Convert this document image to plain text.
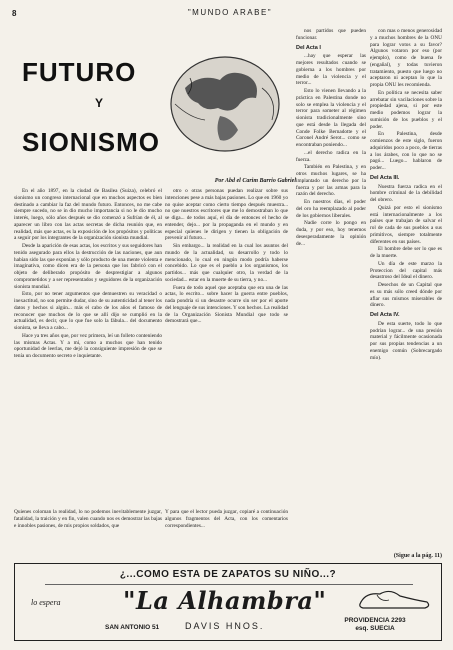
8	"MUNDO ARABE"
FUTURO
Y
SIONISMO
Por Abd el Carim Barrio Gabriel

En el año 1897, en la ciudad de Basilea (Suiza), celebró el sionismo un congreso internacional que en muchos aspectos es bien destinado a cambiar la faz del mundo futuro. Entonces, no me cabe siempre sucedo, no se in dio mucho importancia si no le dio mucho interés, luego, sólo años después se dio comenzó a Sufrían de él, al aparecer un libro con las actas secretas de dicha reunión que, en realidad, más que actas, es la exposición de los propósitos y políticas a seguir por los integrantes de la organización sionista mundial.

Desde la aparición de esas actas, los escritos y sus seguidores han tenido asegurado para ellos la destrucción de las naciones, que aun habían sido las que exponían y sólo producto de una mente violenta e imaginativa, como dicen era de la persona que los fabricó con el objeto de deliberado propósito de desprestigiar a algunos comprometidos y a ser representados y seguidores de la organización sionista mundial.

Esto, por no tener argumentos que demuestren su veracidad o inexactitud, no son permite dudar, sino de su autenticidad al tener los datos y hechos si algún... más el cabo de los años el famoso de reconocer que muchos de lo que se allí dijo se cumplió en la actualidad, es decir, que lo que fue solo la fábula... del documento sionista, se lleva a cabo...

Hace ya tres años que, por vez primera, leí un folleto conteniendo las mismas Actas. Y a mí, como a muchos que han tenido oportunidad de leerlas, me dejó la consiguiente impresión de que se tenía un documento secreto e inquietante.

otro o otras personas puedan realizar sobre sus intenciones pese a más bajas pasiones. Lo que en 1960 yo no quise aceptar como cierto tiempo después muestra... no que nuestros escritores que me lo demostraban lo que se diga... de todos aquí, el día de entonces el hecho de entender, dejo... por la propaganda en el mundo y en especial quienes le dirigen y tienen la obligación de prevenir al futuro...

Sin embargo... la realidad en la cual los asuntos del mundo de la actualidad, su desarrollo y todo lo mencionado, lo cual en ningún modo podría haberse concebido. Lo que es el pueblo a los organismos, los partidos... más que cualquier otro, la verdad de la sociedad... estar en la muerte de su tierra, y no...

Fuera de todo aquel que aceptaba que era una de las actas, lo escrito... sobre hacer la guerra entre pueblos, nada pondría si un desastre ocurre sin ser por el aporte del lenguaje de sus intenciones. Y son hechos. La realidad de la Organización Sionista Mundial que todo se demostrará que...

Quienes coloman la realidad, lo no podemos inevitablemente juzgar, fatalidad, la traición y en fin, valen cuando nos es demostrar las bajas e innobles pasiones, de mis propios soldados, que
Y para que el lector pueda juzgar, copiaré a continuación algunos fragmentos del Acta, con los comentarios correspondientes...

nos partidos que pueden funcionar.

Del Acta I

...hay que esperar las mejores resultados cuando se gobierna a los hombres por medio de la violencia y el terror...

Esto lo vienen llevando a la práctica en Palestina donde no solo se emplea la violencia y el terror para someter al régimen sionista tradicionalmente sino que está desde la llegada del Conde Folke Bernadotte y el Coronel André Serot... como se encontraban poniendo...

...el derecho radica en la fuerza.

También en Palestina, y en otros muchos lugares, se ha implantado un derecho por la fuerza y por las armas para la razón del derecho.

En nuestros días, el poder del oro ha reemplazado al poder de los gobiernos liberales.

Nadie corre lo pongo en duda, y por eso, hoy tenemos desesperadamente la opinión de...

con mas o menos generosidad y a muchos hombres de la ONU para lograr votos a su favor? Algunos votaron por eso (por ejemplo), como de buena fe (engañal), y todas tuvieron tratamiento, puesto que luego no aceptaron ni aceptan lo que la propia ONU les recomienda.

En política se necesita saber arrebatar sin vacilaciones sobre la propiedad ajena, si por este medio podemos lograr la sumisión de los pueblos y el poder.

En Palestina, desde comienzos de este siglo, fueron adquiridos poco a poco, de tierras a los árabes, con lo que no se pagó... Luego... hablaron de poder...

Del Acta III.

Nuestra fuerza radica en el hombre criminal de la debilidad del obrero.

Quizá por esto el sionismo está internacionalmente a los países que trabajan de salvar el rol de cada de sus pueblos a sus primitivos, siempre totalmente diferentes en sus países.

El hombre debe ser lo que es de la muerte.

Un día de este marzo la Proteccion del capital más desastroso del Ideal el dinero.

Desechos de un Capital que es su más sólo creed dónde por aflar sus mismos miserables de dinero.

Del Acta IV.

De esta suerte, todo lo que podrían lograr... de una presión material y fácilmente ocasionada por sus propias tendencias a un enemigo común (Sobrecargado mío).

(Sigue a la pág. 11)
¿...COMO ESTA DE ZAPATOS SU NIÑO...?
lo espera	"La Alhambra"
SAN ANTONIO 51	DAVIS HNOS.
PROVIDENCIA 2293
esq. SUECIA
